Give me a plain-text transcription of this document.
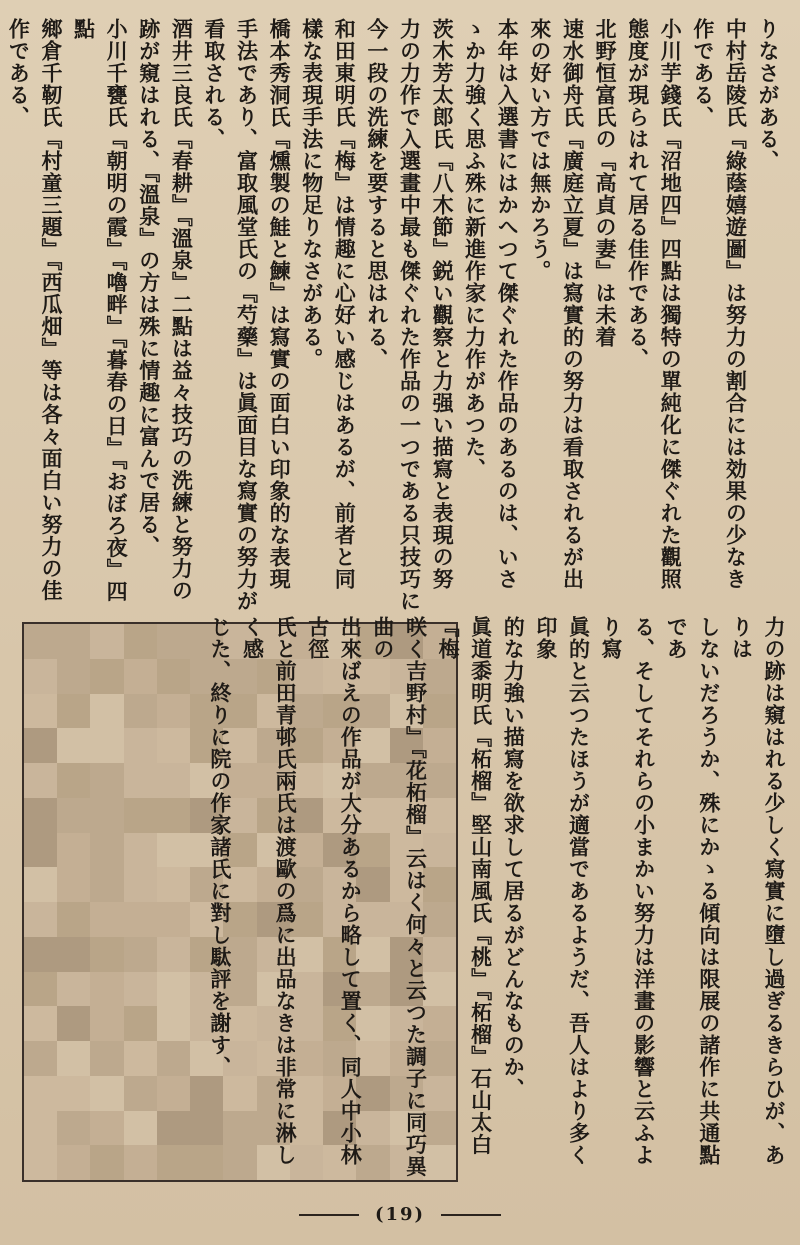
りなさがある、

中村岳陵氏『綠蔭嬉遊圖』は努力の割合には効果の少なき

作である、

小川芋錢氏『沼地四』四點は獨特の單純化に傑ぐれた觀照

態度が現らはれて居る佳作である、

北野恒富氏の『高貞の妻』は未着

速水御舟氏『廣庭立夏』は寫實的の努力は看取されるが出

來の好い方では無かろう。

本年は入選書にはかへつて傑ぐれた作品のあるのは、いさ

ゝか力強く思ふ殊に新進作家に力作があつた、

茨木芳太郎氏『八木節』鋭い觀察と力强い描寫と表現の努

力の力作で入選畫中最も傑ぐれた作品の一つである只技巧に

今一段の洗練を要すると思はれる、

和田東明氏『梅』は情趣に心好い感じはあるが、前者と同

樣な表現手法に物足りなさがある。

橋本秀洞氏『燻製の鮭と鰊』は寫實の面白い印象的な表現

手法であり、富取風堂氏の『芍藥』は眞面目な寫實の努力が

看取される、

酒井三良氏『春耕』『溫泉』二點は益々技巧の洗練と努力の

跡が窺はれる、『溫泉』の方は殊に情趣に富んで居る、

小川千甕氏『朝明の霞』『嚕畔』『暮春の日』『おぼろ夜』四點

鄉倉千靭氏『村童三題』『西瓜畑』等は各々面白い努力の佳

作である、

力の跡は窺はれる少しく寫實に墮し過ぎるきらひが、ありは

しないだろうか、殊にかゝる傾向は限展の諸作に共通點であ

る、そしてそれらの小まかい努力は洋畫の影響と云ふより寫

眞的と云つたほうが適當であるようだ、吾人はより多く印象

的な力強い描寫を欲求して居るがどんなものか、

眞道黍明氏『柘榴』堅山南風氏『桃』『柘榴』石山太白『梅

咲く吉野村』『花柘榴』云はく何々と云つた調子に同巧異曲の

出來ばえの作品が大分あるから略して置く、同人中小林古徑

氏と前田青邨氏兩氏は渡歐の爲に出品なきは非常に淋しく感

じた、終りに院の作家諸氏に對し駄評を謝す、

(19)
